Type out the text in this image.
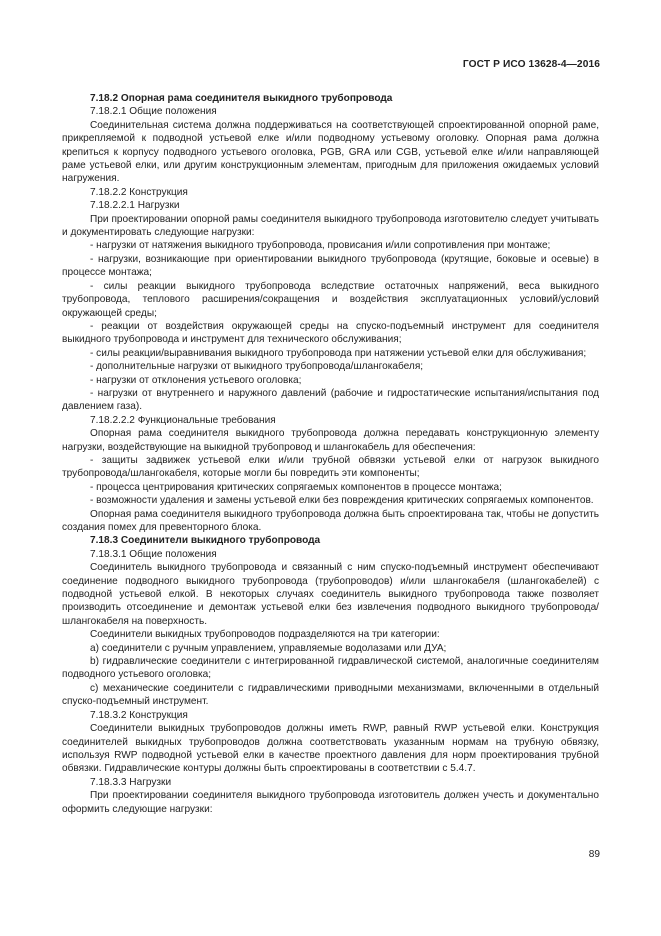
ГОСТ Р ИСО 13628-4—2016

7.18.2 Опорная рама соединителя выкидного трубопровода

7.18.2.1 Общие положения

Соединительная система должна поддерживаться на соответствующей спроектированной опорной раме, прикрепляемой к подводной устьевой елке и/или подводному устьевому оголовку. Опорная рама должна крепиться к корпусу подводного устьевого оголовка, PGB, GRA или CGB, устьевой елке и/или направляющей раме устьевой елки, или другим конструкционным элементам, пригодным для приложения ожидаемых условий нагружения.

7.18.2.2 Конструкция

7.18.2.2.1 Нагрузки

При проектировании опорной рамы соединителя выкидного трубопровода изготовителю следует учитывать и документировать следующие нагрузки:

- нагрузки от натяжения выкидного трубопровода, провисания и/или сопротивления при монтаже;

- нагрузки, возникающие при ориентировании выкидного трубопровода (крутящие, боковые и осевые) в процессе монтажа;

- силы реакции выкидного трубопровода вследствие остаточных напряжений, веса выкидного трубопровода, теплового расширения/сокращения и воздействия эксплуатационных условий/условий окружающей среды;

- реакции от воздействия окружающей среды на спуско-подъемный инструмент для соединителя выкидного трубопровода и инструмент для технического обслуживания;

- силы реакции/выравнивания выкидного трубопровода при натяжении устьевой елки для обслуживания;

- дополнительные нагрузки от выкидного трубопровода/шлангокабеля;

- нагрузки от отклонения устьевого оголовка;

- нагрузки от внутреннего и наружного давлений (рабочие и гидростатические испытания/испытания под давлением газа).

7.18.2.2.2 Функциональные требования

Опорная рама соединителя выкидного трубопровода должна передавать конструкционную элементу нагрузки, воздействующие на выкидной трубопровод и шлангокабель для обеспечения:

- защиты задвижек устьевой елки и/или трубной обвязки устьевой елки от нагрузок выкидного трубопровода/шлангокабеля, которые могли бы повредить эти компоненты;

- процесса центрирования критических сопрягаемых компонентов в процессе монтажа;

- возможности удаления и замены устьевой елки без повреждения критических сопрягаемых компонентов.

Опорная рама соединителя выкидного трубопровода должна быть спроектирована так, чтобы не допустить создания помех для превенторного блока.

7.18.3 Соединители выкидного трубопровода

7.18.3.1 Общие положения

Соединитель выкидного трубопровода и связанный с ним спуско-подъемный инструмент обеспечивают соединение подводного выкидного трубопровода (трубопроводов) и/или шлангокабеля (шлангокабелей) с подводной устьевой елкой. В некоторых случаях соединитель выкидного трубопровода также позволяет производить отсоединение и демонтаж устьевой елки без извлечения подводного выкидного трубопровода/шлангокабеля на поверхность.

Соединители выкидных трубопроводов подразделяются на три категории:

а) соединители с ручным управлением, управляемые водолазами или ДУА;

b) гидравлические соединители с интегрированной гидравлической системой, аналогичные соединителям подводного устьевого оголовка;

с) механические соединители с гидравлическими приводными механизмами, включенными в отдельный спуско-подъемный инструмент.

7.18.3.2 Конструкция

Соединители выкидных трубопроводов должны иметь RWP, равный RWP устьевой елки. Конструкция соединителей выкидных трубопроводов должна соответствовать указанным нормам на трубную обвязку, используя RWP подводной устьевой елки в качестве проектного давления для норм проектирования трубной обвязки. Гидравлические контуры должны быть спроектированы в соответствии с 5.4.7.

7.18.3.3 Нагрузки

При проектировании соединителя выкидного трубопровода изготовитель должен учесть и документально оформить следующие нагрузки:

89
